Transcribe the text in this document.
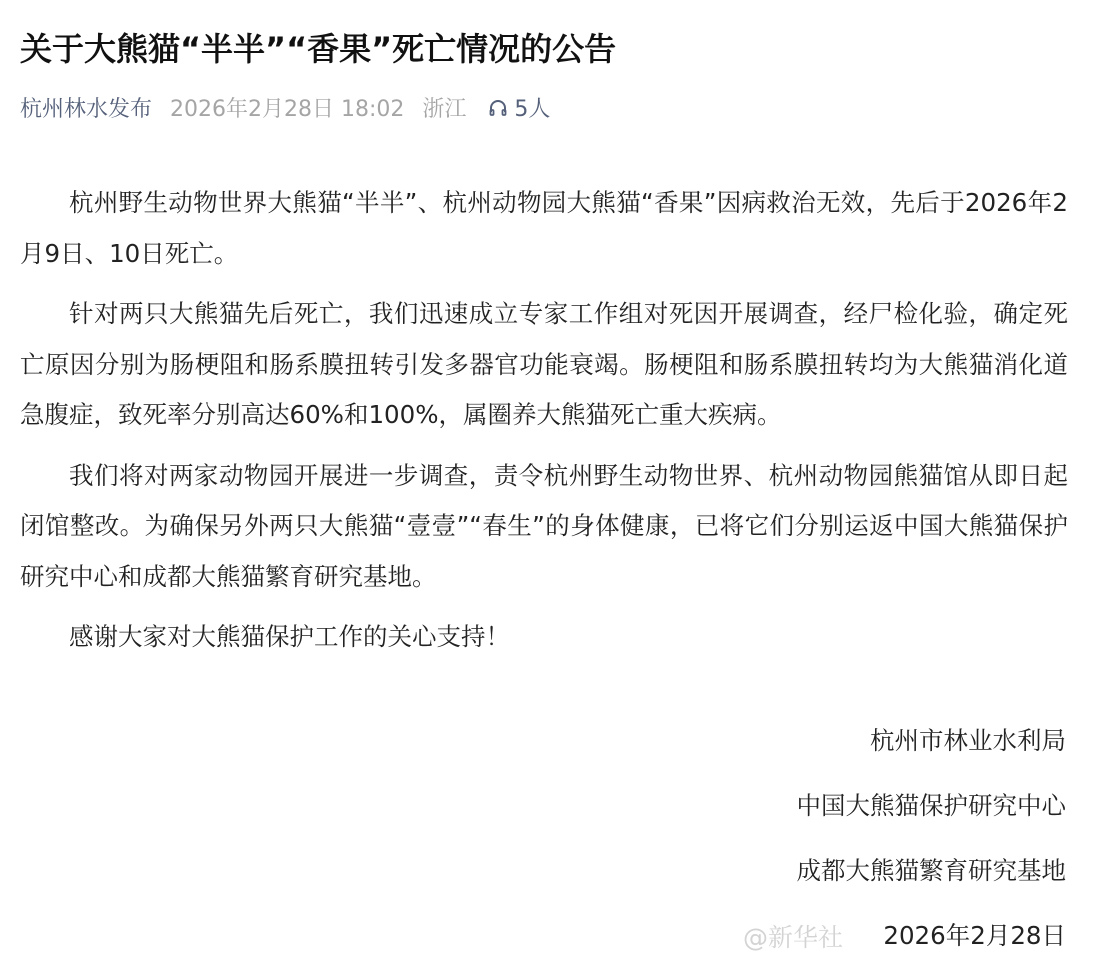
关于大熊猫“半半”“香果”死亡情况的公告
杭州林水发布 2026年2月28日 18:02 浙江 5人

杭州野生动物世界大熊猫“半半”、杭州动物园大熊猫“香果”因病救治无效，先后于2026年2月9日、10日死亡。

针对两只大熊猫先后死亡，我们迅速成立专家工作组对死因开展调查，经尸检化验，确定死亡原因分别为肠梗阻和肠系膜扭转引发多器官功能衰竭。肠梗阻和肠系膜扭转均为大熊猫消化道急腹症，致死率分别高达60%和100%，属圈养大熊猫死亡重大疾病。

我们将对两家动物园开展进一步调查，责令杭州野生动物世界、杭州动物园熊猫馆从即日起闭馆整改。为确保另外两只大熊猫“壹壹”“春生”的身体健康，已将它们分别运返中国大熊猫保护研究中心和成都大熊猫繁育研究基地。

感谢大家对大熊猫保护工作的关心支持！

杭州市林业水利局
中国大熊猫保护研究中心
成都大熊猫繁育研究基地
2026年2月28日
@新华社
